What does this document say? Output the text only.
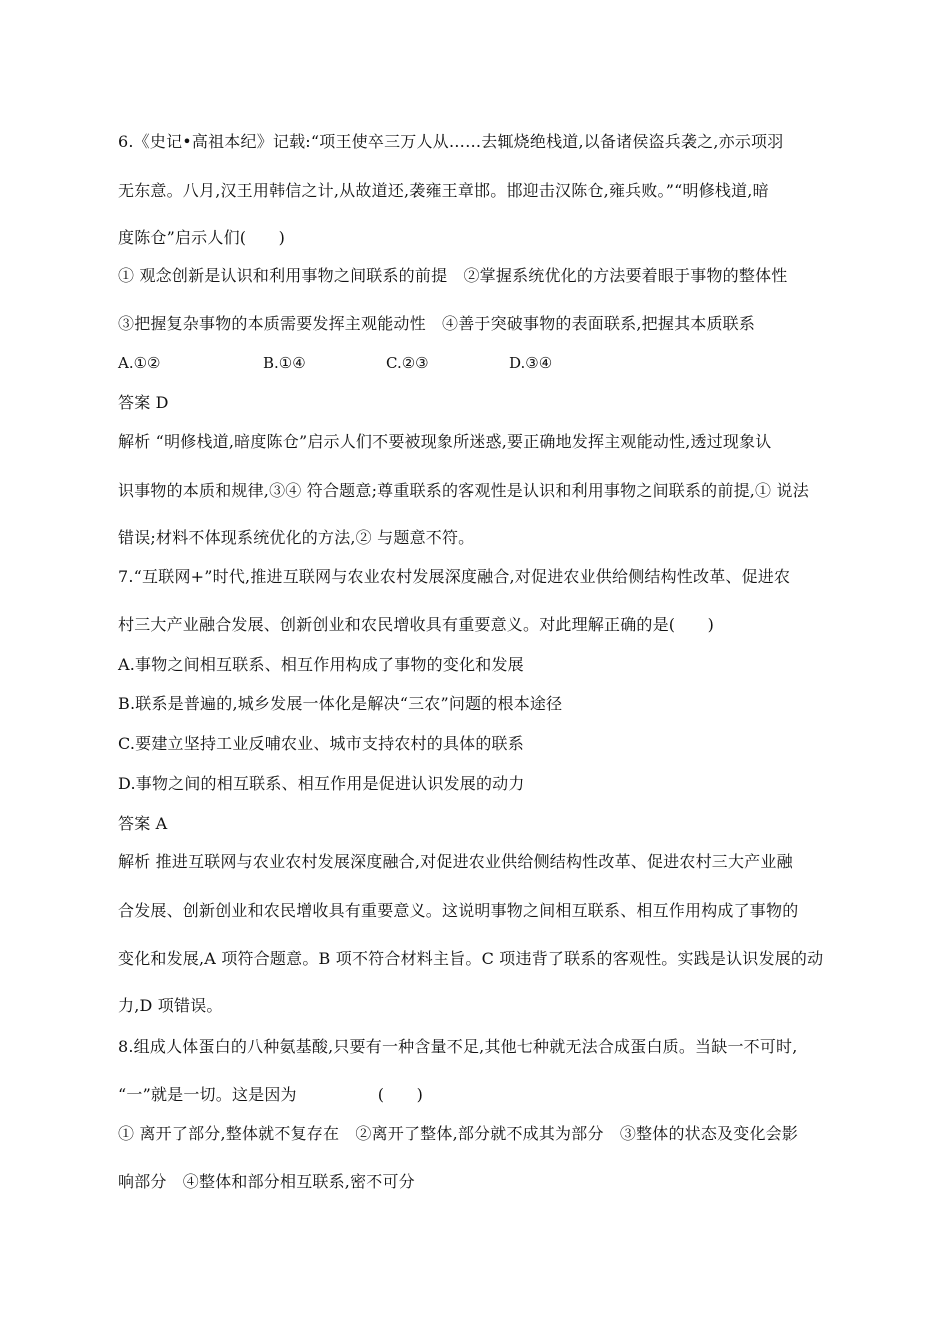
6.《史记•高祖本纪》记载:“项王使卒三万人从……去辄烧绝栈道,以备诸侯盗兵袭之,亦示项羽
无东意。八月,汉王用韩信之计,从故道还,袭雍王章邯。邯迎击汉陈仓,雍兵败。”“明修栈道,暗
度陈仓”启示人们(　　)
① 观念创新是认识和利用事物之间联系的前提　②掌握系统优化的方法要着眼于事物的整体性
③把握复杂事物的本质需要发挥主观能动性　④善于突破事物的表面联系,把握其本质联系
A.①②	B.①④	C.②③	D.③④
答案 D
解析 “明修栈道,暗度陈仓”启示人们不要被现象所迷惑,要正确地发挥主观能动性,透过现象认
识事物的本质和规律,③④ 符合题意;尊重联系的客观性是认识和利用事物之间联系的前提,① 说法
错误;材料不体现系统优化的方法,② 与题意不符。
7.“互联网+”时代,推进互联网与农业农村发展深度融合,对促进农业供给侧结构性改革、促进农
村三大产业融合发展、创新创业和农民增收具有重要意义。对此理解正确的是(　　)
A.事物之间相互联系、相互作用构成了事物的变化和发展
B.联系是普遍的,城乡发展一体化是解决“三农”问题的根本途径
C.要建立坚持工业反哺农业、城市支持农村的具体的联系
D.事物之间的相互联系、相互作用是促进认识发展的动力
答案 A
解析 推进互联网与农业农村发展深度融合,对促进农业供给侧结构性改革、促进农村三大产业融
合发展、创新创业和农民增收具有重要意义。这说明事物之间相互联系、相互作用构成了事物的
变化和发展,A 项符合题意。B 项不符合材料主旨。C 项违背了联系的客观性。实践是认识发展的动
力,D 项错误。
8.组成人体蛋白的八种氨基酸,只要有一种含量不足,其他七种就无法合成蛋白质。当缺一不可时,
“一”就是一切。这是因为　　　　　(　　)
① 离开了部分,整体就不复存在　②离开了整体,部分就不成其为部分　③整体的状态及变化会影
响部分　④整体和部分相互联系,密不可分
